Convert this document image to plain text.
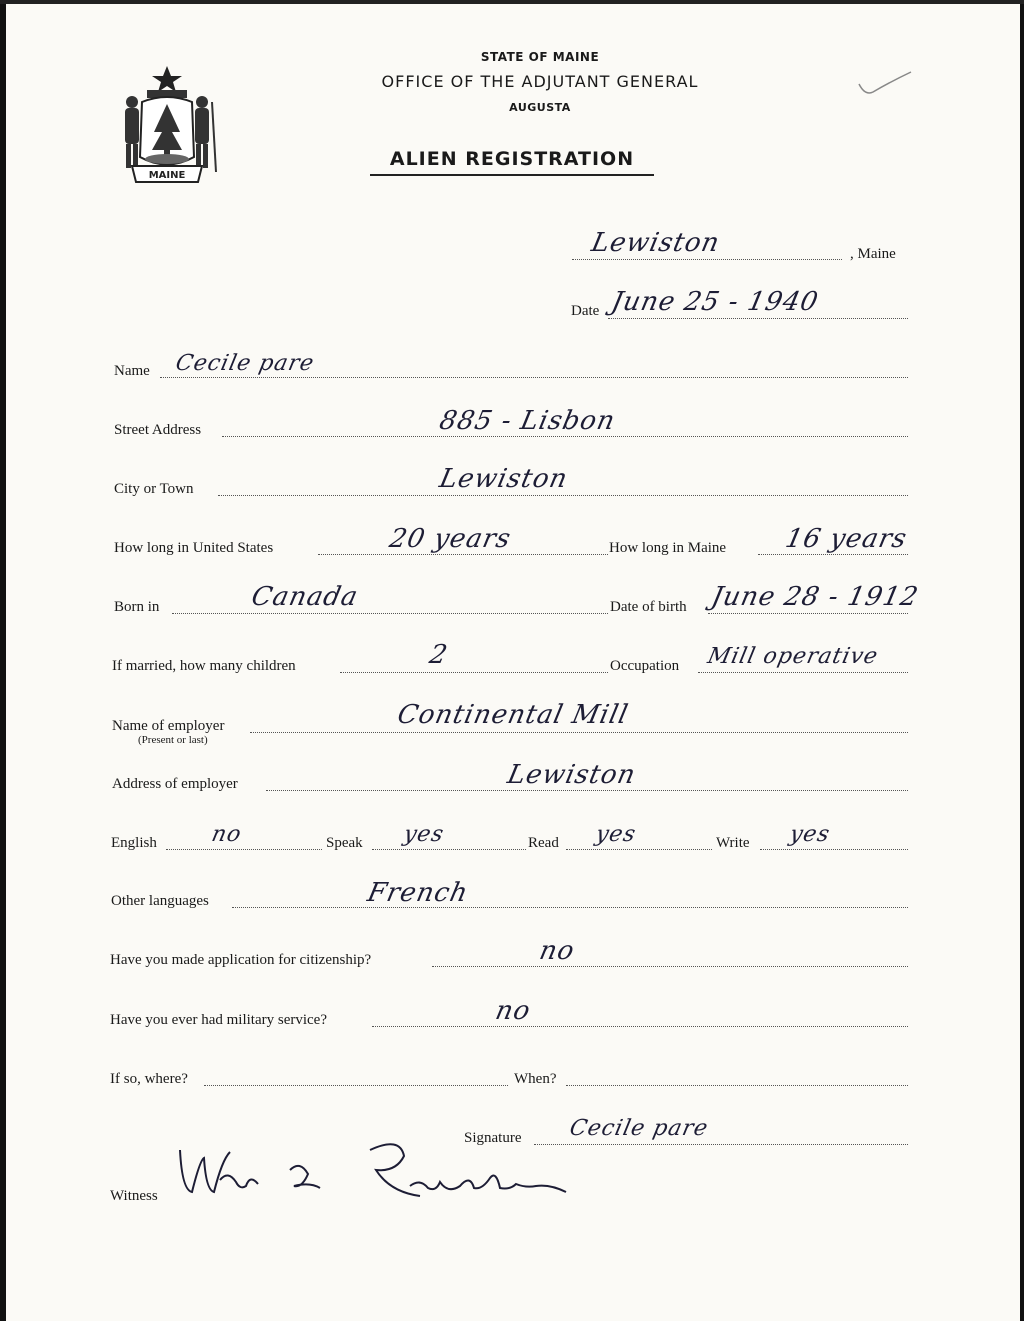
MAINE
STATE OF MAINE
OFFICE OF THE ADJUTANT GENERAL
AUGUSTA
ALIEN REGISTRATION
Lewiston	, Maine
Date June 25 - 1940
Name Cecile pare
Street Address	885 - Lisbon
City or Town	Lewiston
How long in United States	20 years	How long in Maine 16 years
Born in	Canada	Date of birth June 28 - 1912
If married, how many children	2	Occupation Mill operative
Name of employer
(Present or last)
Continental Mill
Address of employer	Lewiston
English no	Speak yes	Read yes	Write yes
Other languages	French
Have you made application for citizenship?	no
Have you ever had military service?	no
If so, where?	When?
Signature Cecile pare
Witness
